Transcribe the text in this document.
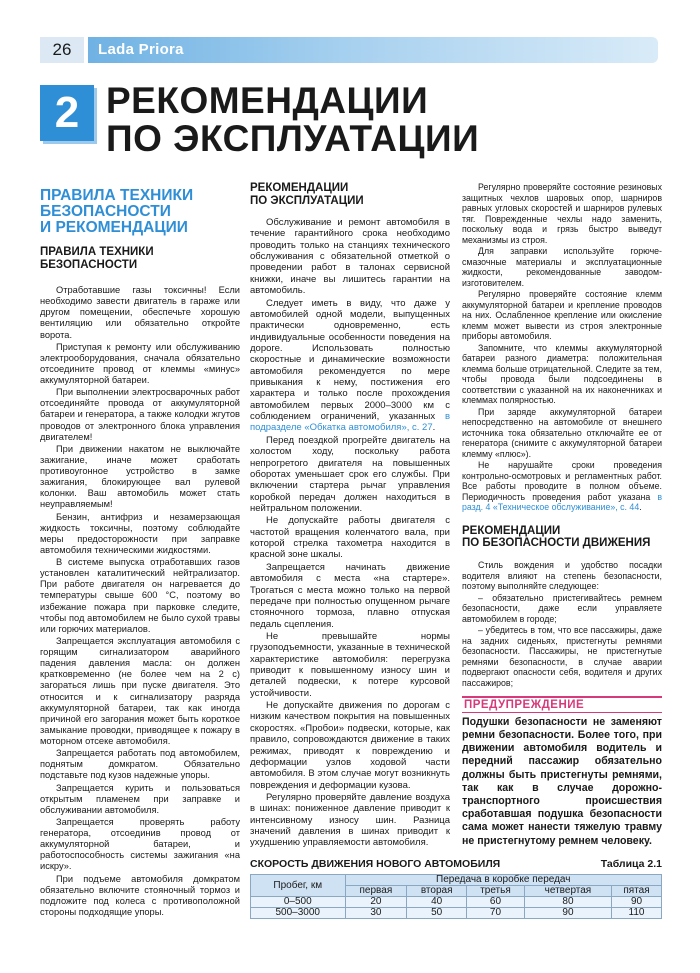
26	Lada Priora
2 РЕКОМЕНДАЦИИ
ПО ЭКСПЛУАТАЦИИ
ПРАВИЛА ТЕХНИКИ
БЕЗОПАСНОСТИ
И РЕКОМЕНДАЦИИ
ПРАВИЛА ТЕХНИКИ
БЕЗОПАСНОСТИ

Отработавшие газы токсичны! Если необходимо завести двигатель в гараже или другом помещении, обеспечьте хорошую вентиляцию или обязательно откройте ворота.

Приступая к ремонту или обслуживанию электрооборудования, сначала обязательно отсоедините провод от клеммы «минус» аккумуляторной батареи.

При выполнении электросварочных работ отсоединяйте провода от аккумуляторной батареи и генератора, а также колодки жгутов проводов от электронного блока управления двигателем!

При движении накатом не выключайте зажигание, иначе может сработать противоугонное устройство в замке зажигания, блокирующее вал рулевой колонки. Ваш автомобиль может стать неуправляемым!

Бензин, антифриз и незамерзающая жидкость токсичны, поэтому соблюдайте меры предосторожности при заправке автомобиля техническими жидкостями.

В системе выпуска отработавших газов установлен каталитический нейтрализатор. При работе двигателя он нагревается до температуры свыше 600 °С, поэтому во избежание пожара при парковке следите, чтобы под автомобилем не было сухой травы или горючих материалов.

Запрещается эксплуатация автомобиля с горящим сигнализатором аварийного падения давления масла: он должен кратковременно (не более чем на 2 с) загораться лишь при пуске двигателя. Это относится и к сигнализатору разряда аккумуляторной батареи, так как иногда причиной его загорания может быть короткое замыкание проводки, приводящее к пожару в моторном отсеке автомобиля.

Запрещается работать под автомобилем, поднятым домкратом. Обязательно подставьте под кузов надежные упоры.

Запрещается курить и пользоваться открытым пламенем при заправке и обслуживании автомобиля.

Запрещается проверять работу генератора, отсоединив провод от аккумуляторной батареи, и работоспособность системы зажигания «на искру».

При подъеме автомобиля домкратом обязательно включите стояночный тормоз и подложите под колеса с противоположной стороны подходящие упоры.

РЕКОМЕНДАЦИИ
ПО ЭКСПЛУАТАЦИИ

Обслуживание и ремонт автомобиля в течение гарантийного срока необходимо проводить только на станциях технического обслуживания с обязательной отметкой о проведении работ в талонах сервисной книжки, иначе вы лишитесь гарантии на автомобиль.

Следует иметь в виду, что даже у автомобилей одной модели, выпущенных практически одновременно, есть индивидуальные особенности поведения на дороге. Использовать полностью скоростные и динамические возможности автомобиля рекомендуется по мере привыкания к нему, постижения его характера и только после прохождения автомобилем первых 2000–3000 км с соблюдением ограничений, указанных в подразделе «Обкатка автомобиля», с. 27.

Перед поездкой прогрейте двигатель на холостом ходу, поскольку работа непрогретого двигателя на повышенных оборотах уменьшает срок его службы. При включении стартера рычаг управления коробкой передач должен находиться в нейтральном положении.

Не допускайте работы двигателя с частотой вращения коленчатого вала, при которой стрелка тахометра находится в красной зоне шкалы.

Запрещается начинать движение автомобиля с места «на стартере». Трогаться с места можно только на первой передаче при полностью опущенном рычаге стояночного тормоза, плавно отпуская педаль сцепления.

Не превышайте нормы грузоподъемности, указанные в технической характеристике автомобиля: перегрузка приводит к повышенному износу шин и деталей подвески, к потере курсовой устойчивости.

Не допускайте движения по дорогам с низким качеством покрытия на повышенных скоростях. «Пробои» подвески, которые, как правило, сопровождаются движение в таких режимах, приводят к повреждению и деформации узлов ходовой части автомобиля. В этом случае могут возникнуть повреждения и деформации кузова.

Регулярно проверяйте давление воздуха в шинах: пониженное давление приводит к интенсивному износу шин. Разница значений давления в шинах приводит к ухудшению управляемости автомобиля.

Регулярно проверяйте состояние резиновых защитных чехлов шаровых опор, шарниров равных угловых скоростей и шарниров рулевых тяг. Поврежденные чехлы надо заменить, поскольку вода и грязь быстро выведут механизмы из строя.

Для заправки используйте горюче-смазочные материалы и эксплуатационные жидкости, рекомендованные заводом-изготовителем.

Регулярно проверяйте состояние клемм аккумуляторной батареи и крепление проводов на них. Ослабленное крепление или окисление клемм может вывести из строя электронные приборы автомобиля.

Запомните, что клеммы аккумуляторной батареи разного диаметра: положительная клемма больше отрицательной. Следите за тем, чтобы провода были подсоединены в соответствии с указанной на их наконечниках и клеммах полярностью.

При заряде аккумуляторной батареи непосредственно на автомобиле от внешнего источника тока обязательно отключайте ее от генератора (снимите с аккумуляторной батареи клемму «плюс»).

Не нарушайте сроки проведения контрольно-осмотровых и регламентных работ. Все работы проводите в полном объеме. Периодичность проведения работ указана в разд. 4 «Техническое обслуживание», с. 44.

РЕКОМЕНДАЦИИ
ПО БЕЗОПАСНОСТИ ДВИЖЕНИЯ

Стиль вождения и удобство посадки водителя влияют на степень безопасности, поэтому выполняйте следующее:

– обязательно пристегивайтесь ремнем безопасности, даже если управляете автомобилем в городе;

– убедитесь в том, что все пассажиры, даже на задних сиденьях, пристегнуты ремнями безопасности. Пассажиры, не пристегнутые ремнями безопасности, в случае аварии подвергают опасности себя, водителя и других пассажиров;

ПРЕДУПРЕЖДЕНИЕ
Подушки безопасности не заменяют ремни безопасности. Более того, при движении автомобиля водитель и передний пассажир обязательно должны быть пристегнуты ремнями, так как в случае дорожно-транспортного происшествия сработавшая подушка безопасности сама может нанести тяжелую травму не пристегнутому ремнем человеку.
СКОРОСТЬ ДВИЖЕНИЯ НОВОГО АВТОМОБИЛЯ	Таблица 2.1
Пробег, км	Передача в коробке передач				
	первая	вторая	третья	четвертая	пятая
0–500	20	40	60	80	90
500–3000	30	50	70	90	110
